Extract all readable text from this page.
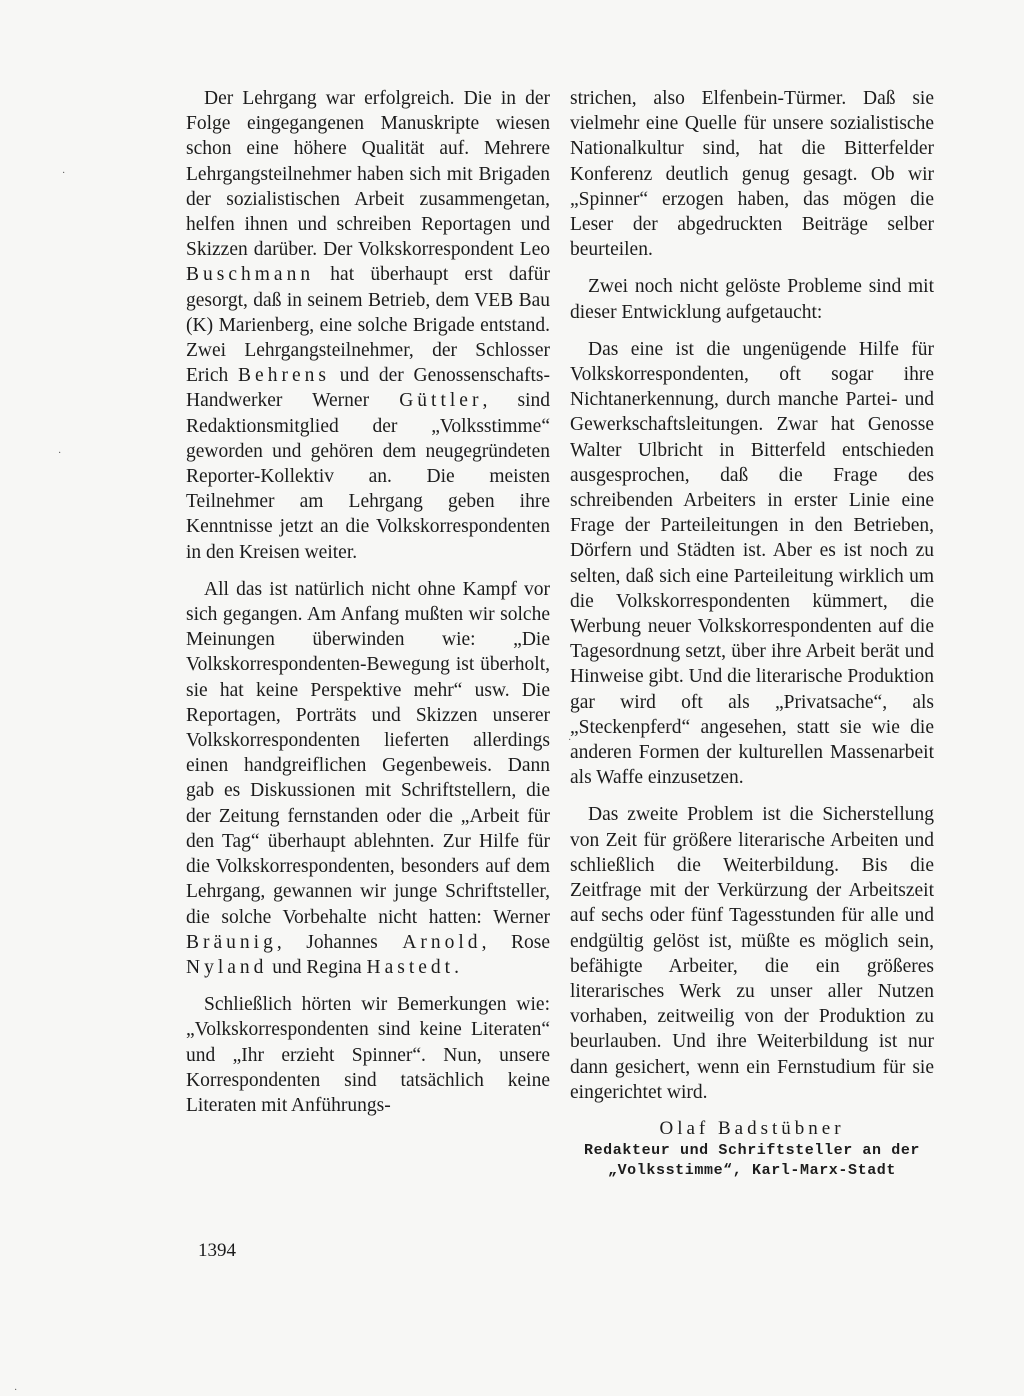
Der Lehrgang war erfolgreich. Die in der Folge eingegangenen Manuskripte wiesen schon eine höhere Qualität auf. Mehrere Lehrgangsteilnehmer haben sich mit Brigaden der sozialistischen Arbeit zusammengetan, helfen ihnen und schreiben Reportagen und Skizzen darüber. Der Volkskorrespondent Leo Buschmann hat überhaupt erst dafür gesorgt, daß in seinem Betrieb, dem VEB Bau (K) Marienberg, eine solche Brigade entstand. Zwei Lehrgangsteilnehmer, der Schlosser Erich Behrens und der Genossenschafts-Handwerker Werner Güttler, sind Redaktionsmitglied der „Volksstimme“ geworden und gehören dem neugegründeten Reporter-Kollektiv an. Die meisten Teilnehmer am Lehrgang geben ihre Kenntnisse jetzt an die Volkskorrespondenten in den Kreisen weiter.

All das ist natürlich nicht ohne Kampf vor sich gegangen. Am Anfang mußten wir solche Meinungen überwinden wie: „Die Volkskorrespondenten-Bewegung ist überholt, sie hat keine Perspektive mehr“ usw. Die Reportagen, Porträts und Skizzen unserer Volkskorrespondenten lieferten allerdings einen handgreiflichen Gegenbeweis. Dann gab es Diskussionen mit Schriftstellern, die der Zeitung fernstanden oder die „Arbeit für den Tag“ überhaupt ablehnten. Zur Hilfe für die Volkskorrespondenten, besonders auf dem Lehrgang, gewannen wir junge Schriftsteller, die solche Vorbehalte nicht hatten: Werner Bräunig, Johannes Arnold, Rose Nyland und Regina Hastedt.

Schließlich hörten wir Bemerkungen wie: „Volkskorrespondenten sind keine Literaten“ und „Ihr erzieht Spinner“. Nun, unsere Korrespondenten sind tatsächlich keine Literaten mit Anführungs-

strichen, also Elfenbein-Türmer. Daß sie vielmehr eine Quelle für unsere sozialistische Nationalkultur sind, hat die Bitterfelder Konferenz deutlich genug gesagt. Ob wir „Spinner“ erzogen haben, das mögen die Leser der abgedruckten Beiträge selber beurteilen.

Zwei noch nicht gelöste Probleme sind mit dieser Entwicklung aufgetaucht:

Das eine ist die ungenügende Hilfe für Volkskorrespondenten, oft sogar ihre Nichtanerkennung, durch manche Partei- und Gewerkschaftsleitungen. Zwar hat Genosse Walter Ulbricht in Bitterfeld entschieden ausgesprochen, daß die Frage des schreibenden Arbeiters in erster Linie eine Frage der Parteileitungen in den Betrieben, Dörfern und Städten ist. Aber es ist noch zu selten, daß sich eine Parteileitung wirklich um die Volkskorrespondenten kümmert, die Werbung neuer Volkskorrespondenten auf die Tagesordnung setzt, über ihre Arbeit berät und Hinweise gibt. Und die literarische Produktion gar wird oft als „Privatsache“, als „Steckenpferd“ angesehen, statt sie wie die anderen Formen der kulturellen Massenarbeit als Waffe einzusetzen.

Das zweite Problem ist die Sicherstellung von Zeit für größere literarische Arbeiten und schließlich die Weiterbildung. Bis die Zeitfrage mit der Verkürzung der Arbeitszeit auf sechs oder fünf Tagesstunden für alle und endgültig gelöst ist, müßte es möglich sein, befähigte Arbeiter, die ein größeres literarisches Werk zu unser aller Nutzen vorhaben, zeitweilig von der Produktion zu beurlauben. Und ihre Weiterbildung ist nur dann gesichert, wenn ein Fernstudium für sie eingerichtet wird.

Olaf Badstübner
Redakteur und Schriftsteller an der
„Volksstimme“, Karl-Marx-Stadt
1394
·
·
·
·
